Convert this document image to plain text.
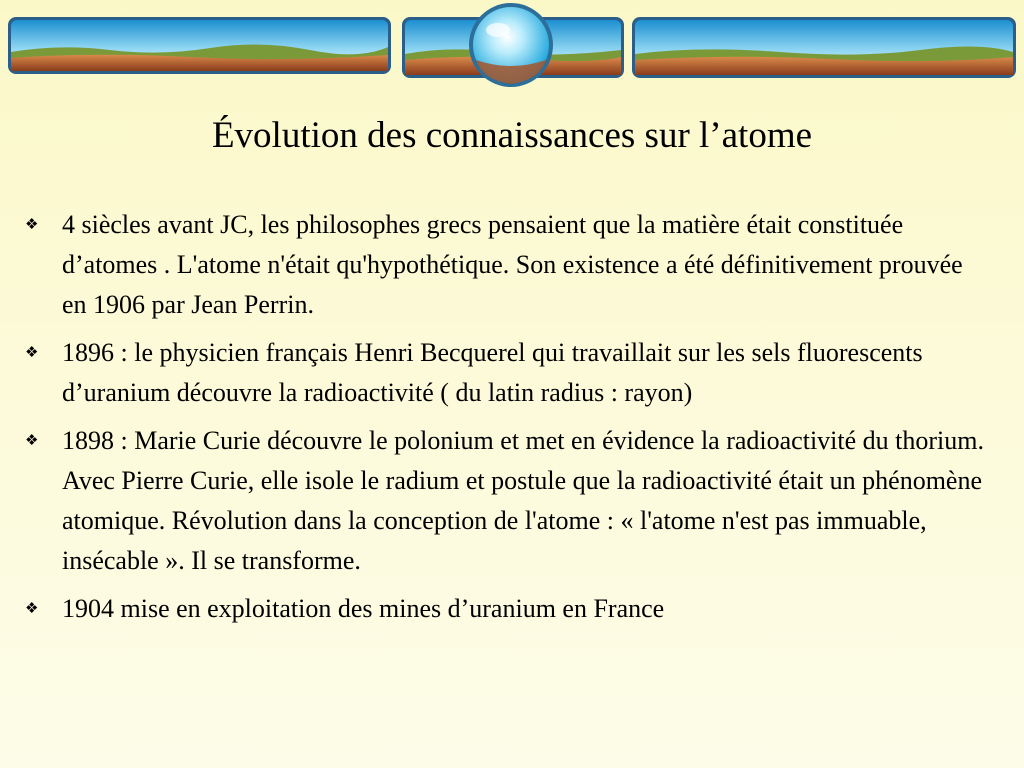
Évolution des connaissances sur l’atome
❖ 4 siècles avant JC, les philosophes grecs pensaient que la matière était constituée d’atomes . L'atome n'était qu'hypothétique. Son existence a été définitivement prouvée en 1906 par Jean Perrin.
❖ 1896 : le physicien français Henri Becquerel qui travaillait sur les sels fluorescents d’uranium découvre la radioactivité ( du latin radius : rayon)
❖ 1898 : Marie Curie découvre le polonium et met en évidence la radioactivité du thorium. Avec Pierre Curie, elle isole le radium et postule que la radioactivité était un phénomène atomique. Révolution dans la conception de l'atome : « l'atome n'est pas immuable, insécable ». Il se transforme.
❖ 1904 mise en exploitation des mines d’uranium en France
